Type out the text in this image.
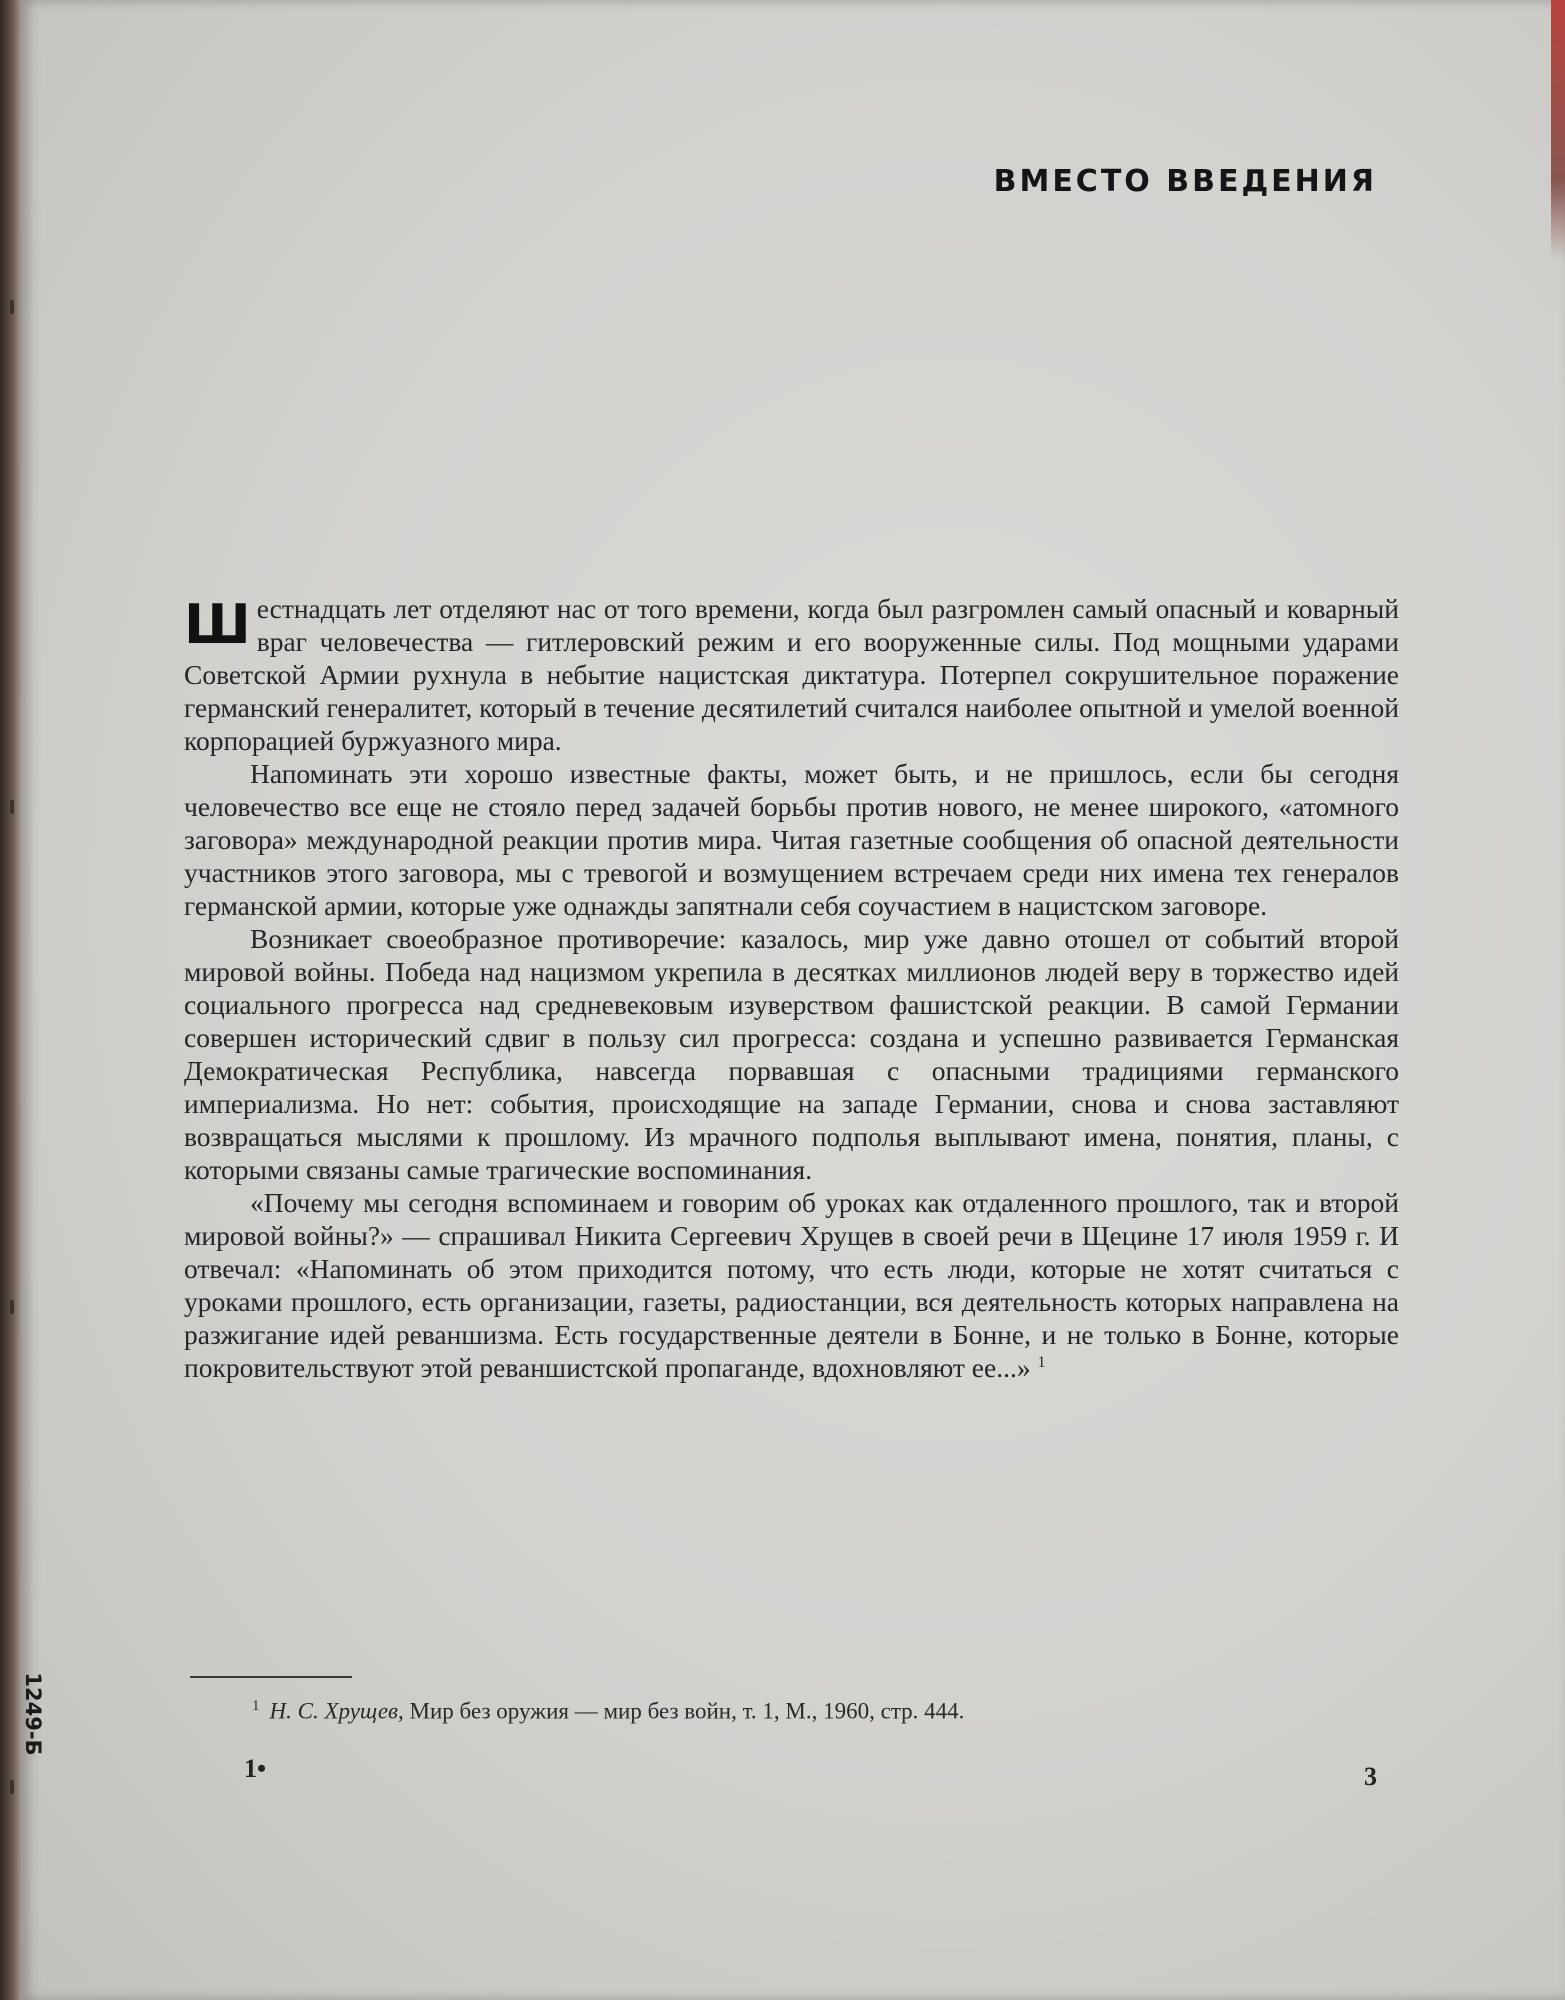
ВМЕСТО ВВЕДЕНИЯ

Шестнадцать лет отделяют нас от того времени, когда был разгромлен самый опасный и коварный враг человечества — гитлеровский режим и его вооруженные силы. Под мощными ударами Советской Армии рухнула в небытие нацистская диктатура. Потерпел сокрушительное поражение германский генералитет, который в течение десятилетий считался наиболее опытной и умелой военной корпорацией буржуазного мира.

Напоминать эти хорошо известные факты, может быть, и не пришлось, если бы сегодня человечество все еще не стояло перед задачей борьбы против нового, не менее широкого, «атомного заговора» международной реакции против мира. Читая газетные сообщения об опасной деятельности участников этого заговора, мы с тревогой и возмущением встречаем среди них имена тех генералов германской армии, которые уже однажды запятнали себя соучастием в нацистском заговоре.

Возникает своеобразное противоречие: казалось, мир уже давно отошел от событий второй мировой войны. Победа над нацизмом укрепила в десятках миллионов людей веру в торжество идей социального прогресса над средневековым изуверством фашистской реакции. В самой Германии совершен исторический сдвиг в пользу сил прогресса: создана и успешно развивается Германская Демократическая Республика, навсегда порвавшая с опасными традициями германского империализма. Но нет: события, происходящие на западе Германии, снова и снова заставляют возвращаться мыслями к прошлому. Из мрачного подполья выплывают имена, понятия, планы, с которыми связаны самые трагические воспоминания.

«Почему мы сегодня вспоминаем и говорим об уроках как отдаленного прошлого, так и второй мировой войны?» — спрашивал Никита Сергеевич Хрущев в своей речи в Щецине 17 июля 1959 г. И отвечал: «Напоминать об этом приходится потому, что есть люди, которые не хотят считаться с уроками прошлого, есть организации, газеты, радиостанции, вся деятельность которых направлена на разжигание идей реваншизма. Есть государственные деятели в Бонне, и не только в Бонне, которые покровительствуют этой реваншистской пропаганде, вдохновляют ее...» $^1$

$^1$ Н. С. Хрущев, Мир без оружия — мир без войн, т. 1, М., 1960, стр. 444.

1•	3

1249-Б
